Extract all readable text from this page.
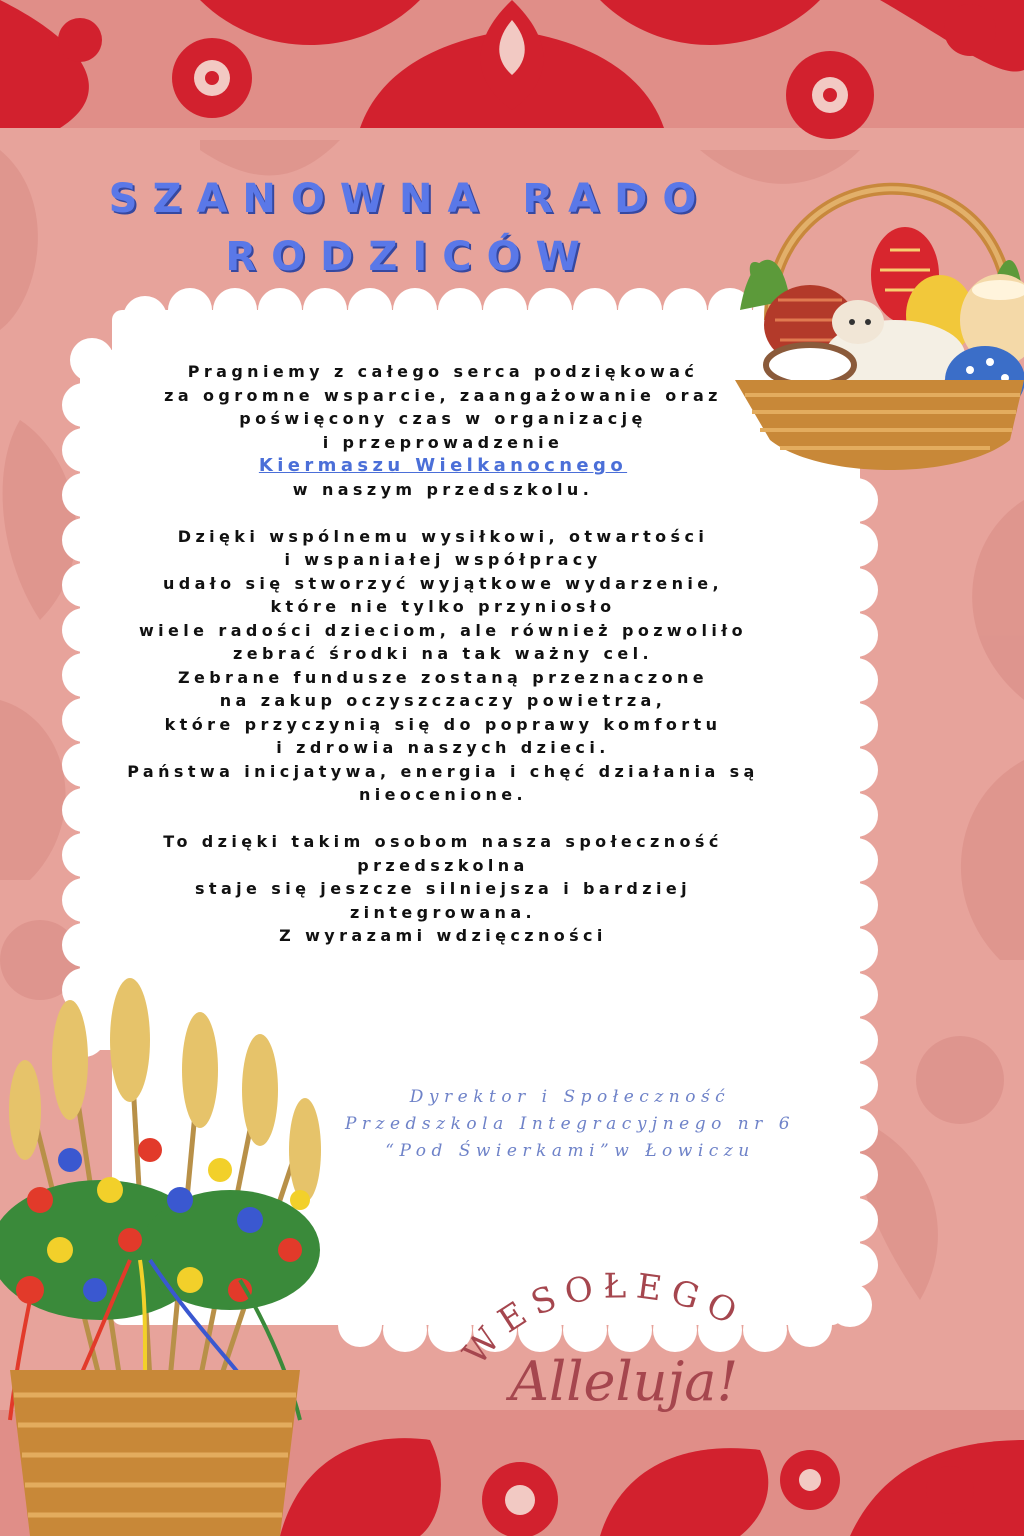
SZANOWNA RADO
RODZICÓW
Pragniemy z całego serca podziękować
za ogromne wsparcie, zaangażowanie oraz
poświęcony czas w organizację
i przeprowadzenie
Kiermaszu Wielkanocnego
w naszym przedszkolu.
Dzięki wspólnemu wysiłkowi, otwartości
i wspaniałej współpracy
udało się stworzyć wyjątkowe wydarzenie,
które nie tylko przyniosło
wiele radości dzieciom, ale również pozwoliło
zebrać środki na tak ważny cel.
Zebrane fundusze zostaną przeznaczone
na zakup oczyszczaczy powietrza,
które przyczynią się do poprawy komfortu
i zdrowia naszych dzieci.
Państwa inicjatywa, energia i chęć działania są
nieocenione.
To dzięki takim osobom nasza społeczność
przedszkolna
staje się jeszcze silniejsza i bardziej
zintegrowana.
Z wyrazami wdzięczności
Dyrektor i Społeczność
Przedszkola Integracyjnego nr 6
“Pod Świerkami”w Łowiczu
WESOŁEGO
Alleluja!
